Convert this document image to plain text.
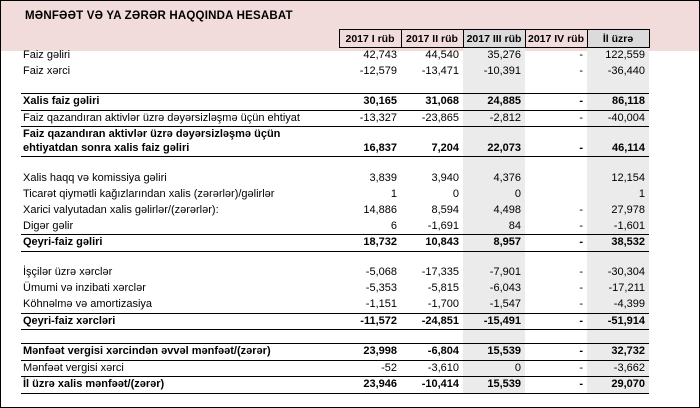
MƏNFƏƏT VƏ YA ZƏRƏR HAQQINDA HESABAT
	2017 I rüb	2017 II rüb	2017 III rüb	2017 IV rüb	İl üzrə
Faiz gəliri	42,743	44,540	35,276	-	122,559
Faiz xərci	-12,579	-13,471	-10,391	-	-36,440

Xalis faiz gəliri	30,165	31,068	24,885	-	86,118
Faiz qazandıran aktivlər üzrə dəyərsizləşmə üçün ehtiyat	-13,327	-23,865	-2,812	-	-40,004
Faiz qazandıran aktivlər üzrə dəyərsizləşmə üçün ehtiyatdan sonra xalis faiz gəliri	16,837	7,204	22,073	-	46,114

Xalis haqq və komissiya gəliri	3,839	3,940	4,376		12,154
Ticarət qiymətli kağızlarından xalis (zərərlər)/gəlirlər	1	0	0		1
Xarici valyutadan xalis gəlirlər/(zərərlər):	14,886	8,594	4,498	-	27,978
Digər gəlir	6	-1,691	84	-	-1,601
Qeyri-faiz gəliri	18,732	10,843	8,957	-	38,532

İşçilər üzrə xərclər	-5,068	-17,335	-7,901	-	-30,304
Ümumi və inzibati xərclər	-5,353	-5,815	-6,043	-	-17,211
Köhnəlmə və amortizasiya	-1,151	-1,700	-1,547	-	-4,399
Qeyri-faiz xərcləri	-11,572	-24,851	-15,491	-	-51,914

Mənfəət vergisi xərcindən əvvəl mənfəət/(zərər)	23,998	-6,804	15,539	-	32,732
Mənfəət vergisi xərci	-52	-3,610	0	-	-3,662
İl üzrə xalis mənfəət/(zərər)	23,946	-10,414	15,539	-	29,070
